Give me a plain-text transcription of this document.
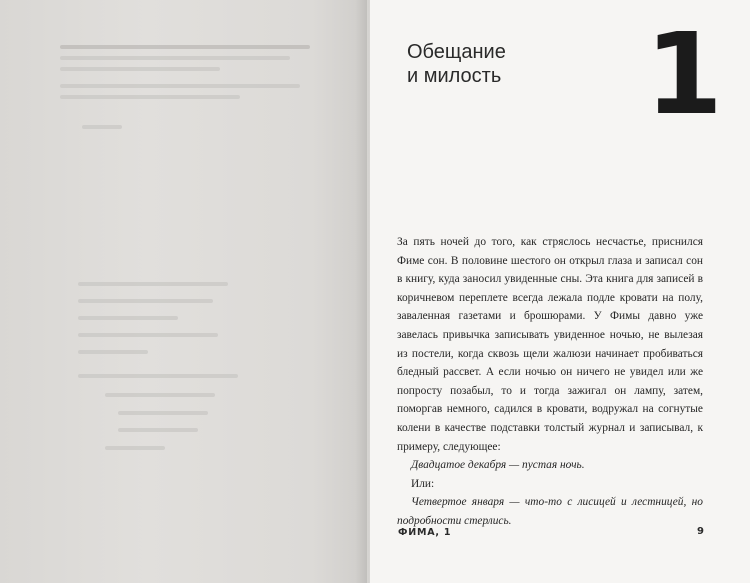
Обещание
и милость	1

За пять ночей до того, как стряслось несчастье, приснился Фиме сон. В половине шестого он открыл глаза и записал сон в книгу, куда заносил увиденные сны. Эта книга для записей в коричневом переплете всегда лежала подле кровати на полу, заваленная газетами и брошюрами. У Фимы давно уже завелась привычка записывать увиденное ночью, не вылезая из постели, когда сквозь щели жалюзи начинает пробиваться бледный рассвет. А если ночью он ничего не увидел или же попросту позабыл, то и тогда зажигал он лампу, затем, поморгав немного, садился в кровати, водружал на согнутые колени в качестве подставки толстый журнал и записывал, к примеру, следующее:

Двадцатое декабря — пустая ночь.

Или:

Четвертое января — что-то с лисицей и лестницей, но подробности стерлись.

ФИМА, 1	9
